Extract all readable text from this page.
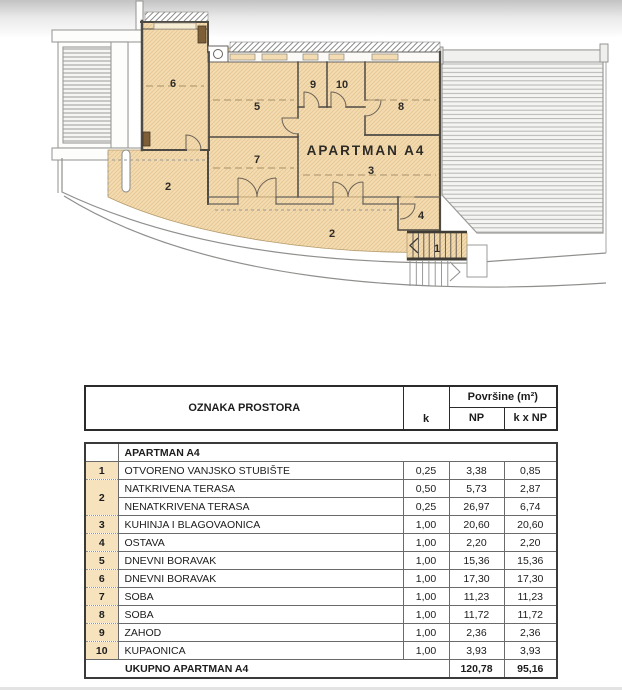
APARTMAN A4
6
5
9 10
8
7
3
2
2
4
1
OZNAKA PROSTORA	k	Površine (m²)	
		NP	k x NP
	APARTMAN A4			
1	OTVORENO VANJSKO STUBIŠTE	0,25	3,38	0,85
2	NATKRIVENA TERASA	0,50	5,73	2,87
	NENATKRIVENA TERASA	0,25	26,97	6,74
3	KUHINJA I BLAGOVAONICA	1,00	20,60	20,60
4	OSTAVA	1,00	2,20	2,20
5	DNEVNI BORAVAK	1,00	15,36	15,36
6	DNEVNI BORAVAK	1,00	17,30	17,30
7	SOBA	1,00	11,23	11,23
8	SOBA	1,00	11,72	11,72
9	ZAHOD	1,00	2,36	2,36
10	KUPAONICA	1,00	3,93	3,93
UKUPNO APARTMAN A4			120,78	95,16
